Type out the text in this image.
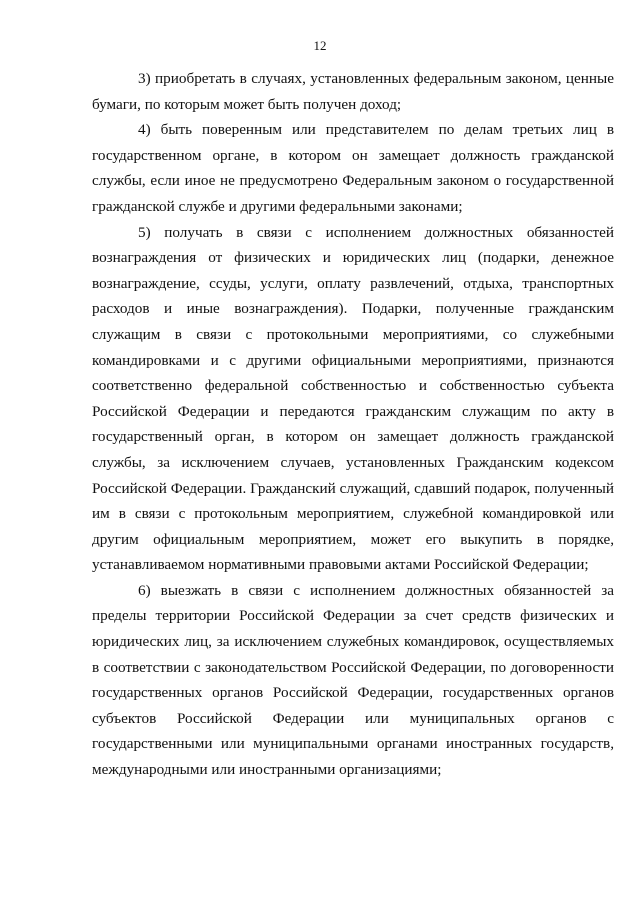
12

3) приобретать в случаях, установленных федеральным законом, ценные бумаги, по которым может быть получен доход;

4) быть поверенным или представителем по делам третьих лиц в государственном органе, в котором он замещает должность гражданской службы, если иное не предусмотрено Федеральным законом о государственной гражданской службе и другими федеральными законами;

5) получать в связи с исполнением должностных обязанностей вознаграждения от физических и юридических лиц (подарки, денежное вознаграждение, ссуды, услуги, оплату развлечений, отдыха, транспортных расходов и иные вознаграждения). Подарки, полученные гражданским служащим в связи с протокольными мероприятиями, со служебными командировками и с другими официальными мероприятиями, признаются соответственно федеральной собственностью и собственностью субъекта Российской Федерации и передаются гражданским служащим по акту в государственный орган, в котором он замещает должность гражданской службы, за исключением случаев, установленных Гражданским кодексом Российской Федерации. Гражданский служащий, сдавший подарок, полученный им в связи с протокольным мероприятием, служебной командировкой или другим официальным мероприятием, может его выкупить в порядке, устанавливаемом нормативными правовыми актами Российской Федерации;

6) выезжать в связи с исполнением должностных обязанностей за пределы территории Российской Федерации за счет средств физических и юридических лиц, за исключением служебных командировок, осуществляемых в соответствии с законодательством Российской Федерации, по договоренности государственных органов Российской Федерации, государственных органов субъектов Российской Федерации или муниципальных органов с государственными или муниципальными органами иностранных государств, международными или иностранными организациями;
